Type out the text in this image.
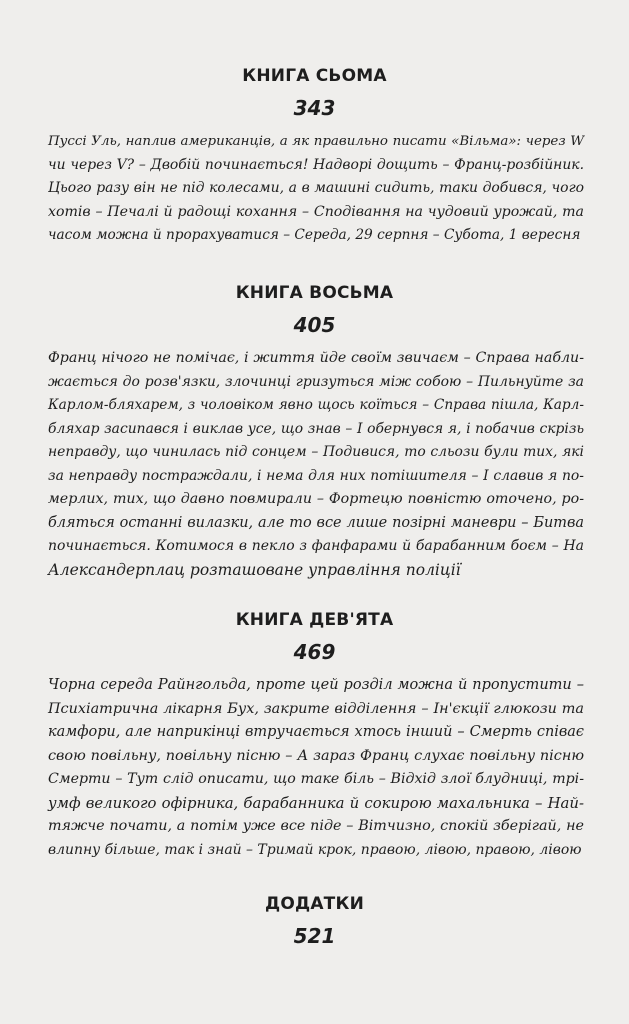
КНИГА СЬОМА
343
Пуссі Уль, наплив американців, а як правильно писати «Вільма»: через W
чи через V? – Двобій починається! Надворі дощить – Франц-розбійник.
Цього разу він не під колесами, а в машині сидить, таки добився, чого
хотів – Печалі й радощі кохання – Сподівання на чудовий урожай, та
часом можна й прорахуватися – Середа, 29 серпня – Субота, 1 вересня
КНИГА ВОСЬМА
405
Франц нічого не помічає, і життя йде своїм звичаєм – Справа набли-
жається до розв'язки, злочинці гризуться між собою – Пильнуйте за
Карлом-бляхарем, з чоловіком явно щось коїться – Справа пішла, Карл-
бляхар засипався і виклав усе, що знав – І обернувся я, і побачив скрізь
неправду, що чинилась під сонцем – Подивися, то сльози були тих, які
за неправду постраждали, і нема для них потішителя – І славив я по-
мерлих, тих, що давно повмирали – Фортецю повністю оточено, ро-
бляться останні вилазки, але то все лише позірні маневри – Битва
починається. Котимося в пекло з фанфарами й барабанним боєм – На
Александерплац розташоване управління поліції
КНИГА ДЕВ'ЯТА
469
Чорна середа Райнгольда, проте цей розділ можна й пропустити –
Психіатрична лікарня Бух, закрите відділення – Ін'єкції глюкози та
камфори, але наприкінці втручається хтось інший – Смерть співає
свою повільну, повільну пісню – А зараз Франц слухає повільну пісню
Смерти – Тут слід описати, що таке біль – Відхід злої блудниці, трі-
умф великого офірника, барабанника й сокирою махальника – Най-
тяжче почати, а потім уже все піде – Вітчизно, спокій зберігай, не
влипну більше, так і знай – Тримай крок, правою, лівою, правою, лівою
ДОДАТКИ
521
